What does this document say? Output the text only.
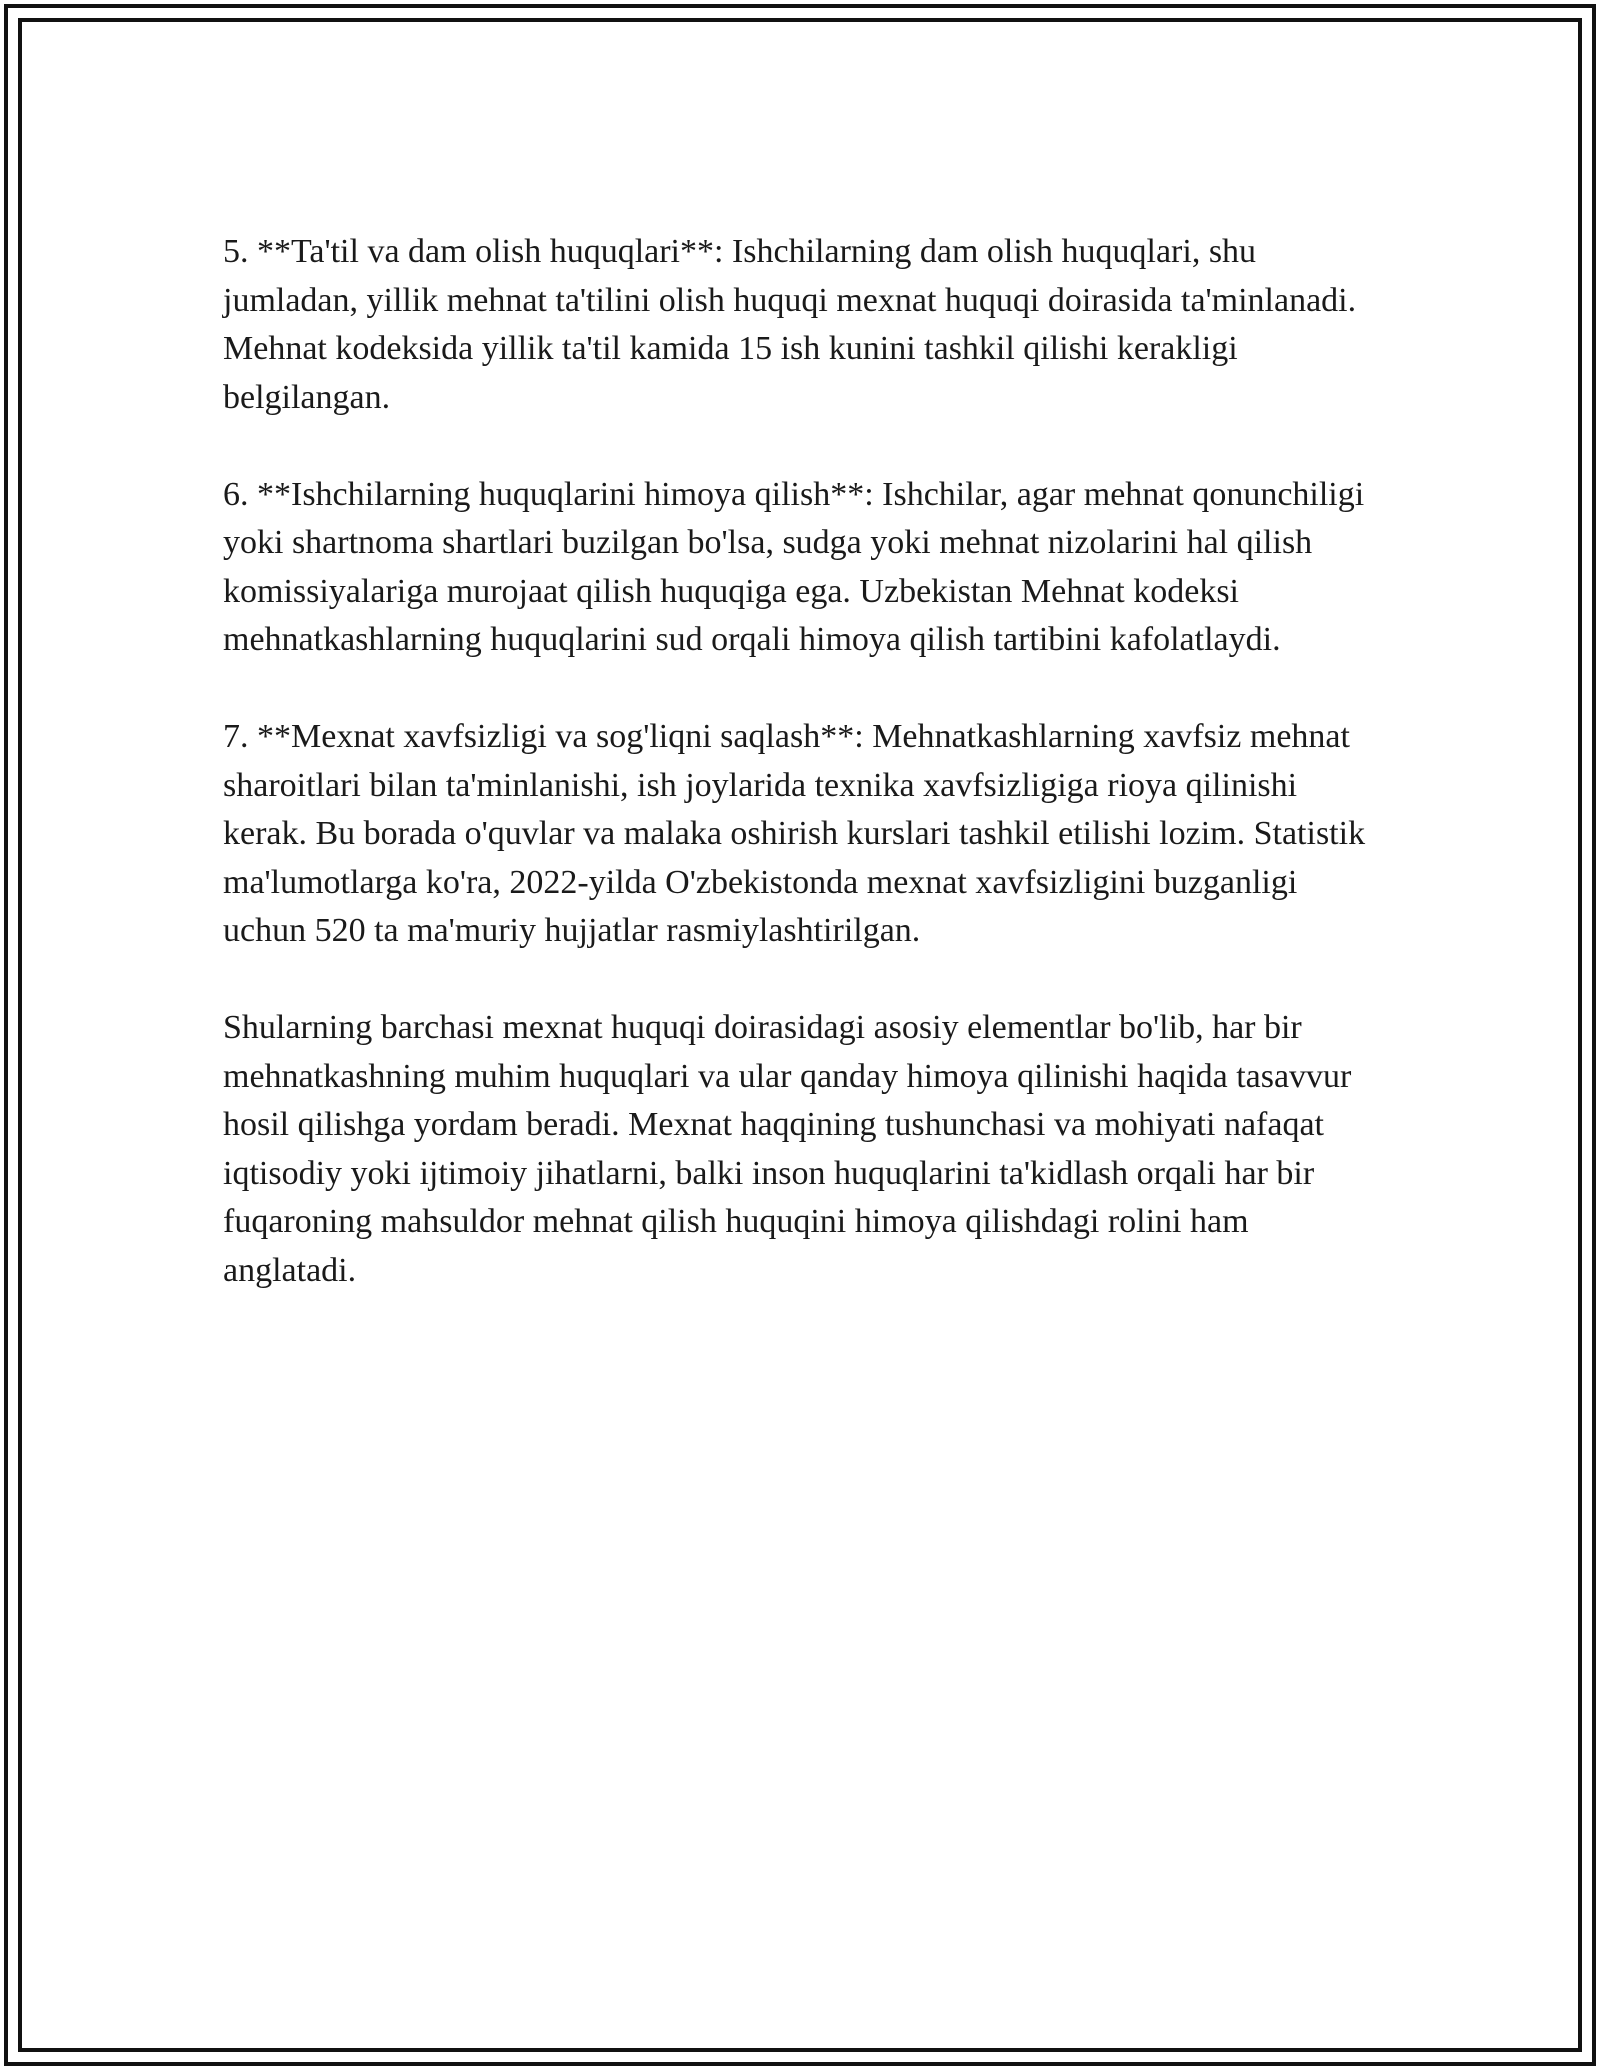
5. **Ta'til va dam olish huquqlari**: Ishchilarning dam olish huquqlari, shu jumladan, yillik mehnat ta'tilini olish huquqi mexnat huquqi doirasida ta'minlanadi. Mehnat kodeksida yillik ta'til kamida 15 ish kunini tashkil qilishi kerakligi belgilangan.

6. **Ishchilarning huquqlarini himoya qilish**: Ishchilar, agar mehnat qonunchiligi yoki shartnoma shartlari buzilgan bo'lsa, sudga yoki mehnat nizolarini hal qilish komissiyalariga murojaat qilish huquqiga ega. Uzbekistan Mehnat kodeksi mehnatkashlarning huquqlarini sud orqali himoya qilish tartibini kafolatlaydi.

7. **Mexnat xavfsizligi va sog'liqni saqlash**: Mehnatkashlarning xavfsiz mehnat sharoitlari bilan ta'minlanishi, ish joylarida texnika xavfsizligiga rioya qilinishi kerak. Bu borada o'quvlar va malaka oshirish kurslari tashkil etilishi lozim. Statistik ma'lumotlarga ko'ra, 2022-yilda O'zbekistonda mexnat xavfsizligini buzganligi uchun 520 ta ma'muriy hujjatlar rasmiylashtirilgan.

Shularning barchasi mexnat huquqi doirasidagi asosiy elementlar bo'lib, har bir mehnatkashning muhim huquqlari va ular qanday himoya qilinishi haqida tasavvur hosil qilishga yordam beradi. Mexnat haqqining tushunchasi va mohiyati nafaqat iqtisodiy yoki ijtimoiy jihatlarni, balki inson huquqlarini ta'kidlash orqali har bir fuqaroning mahsuldor mehnat qilish huquqini himoya qilishdagi rolini ham anglatadi.
